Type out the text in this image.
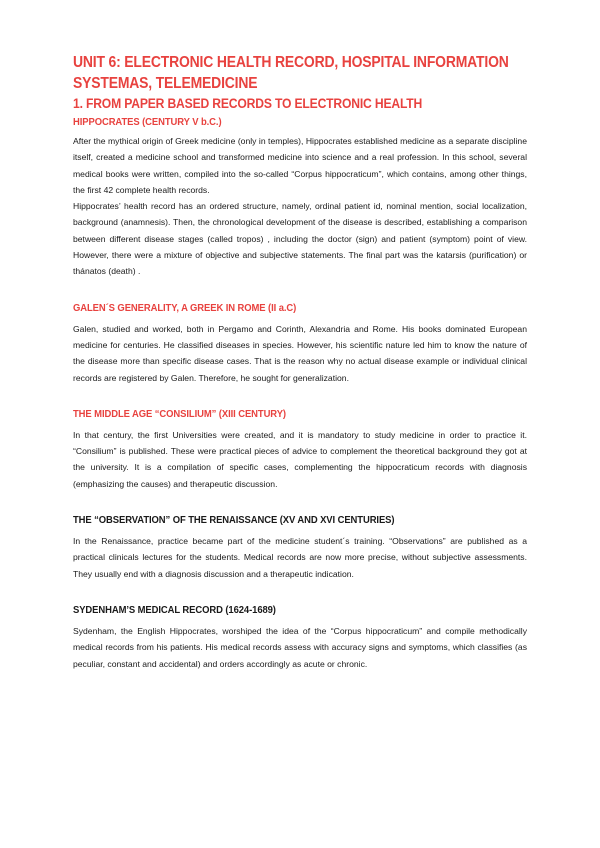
UNIT 6: ELECTRONIC HEALTH RECORD, HOSPITAL INFORMATION SYSTEMAS, TELEMEDICINE
1. FROM PAPER BASED RECORDS TO ELECTRONIC HEALTH
HIPPOCRATES (CENTURY V b.C.)

After the mythical origin of Greek medicine (only in temples), Hippocrates established medicine as a separate discipline itself, created a medicine school and transformed medicine into science and a real profession. In this school, several medical books were written, compiled into the so-called “Corpus hippocraticum”, which contains, among other things, the first 42 complete health records.

Hippocrates’ health record has an ordered structure, namely, ordinal patient id, nominal mention, social localization, background (anamnesis). Then, the chronological development of the disease is described, establishing a comparison between different disease stages (called tropos) , including the doctor (sign) and patient (symptom) point of view. However, there were a mixture of objective and subjective statements. The final part was the katarsis (purification) or thánatos (death) .

GALEN´S GENERALITY, A GREEK IN ROME (II a.C)

Galen, studied and worked, both in Pergamo and Corinth, Alexandria and Rome. His books dominated European medicine for centuries. He classified diseases in species. However, his scientific nature led him to know the nature of the disease more than specific disease cases. That is the reason why no actual disease example or individual clinical records are registered by Galen. Therefore, he sought for generalization.

THE MIDDLE AGE “CONSILIUM” (XIII CENTURY)

In that century, the first Universities were created, and it is mandatory to study medicine in order to practice it. “Consilium” is published. These were practical pieces of advice to complement the theoretical background they got at the university. It is a compilation of specific cases, complementing the hippocraticum records with diagnosis (emphasizing the causes) and therapeutic discussion.

THE “OBSERVATION” OF THE RENAISSANCE (XV AND XVI CENTURIES)

In the Renaissance, practice became part of the medicine student´s training. “Observations” are published as a practical clinicals lectures for the students. Medical records are now more precise, without subjective assessments. They usually end with a diagnosis discussion and a therapeutic indication.

SYDENHAM’S MEDICAL RECORD (1624-1689)

Sydenham, the English Hippocrates, worshiped the idea of the “Corpus hippocraticum” and compile methodically medical records from his patients. His medical records assess with accuracy signs and symptoms, which classifies (as peculiar, constant and accidental) and orders accordingly as acute or chronic.
